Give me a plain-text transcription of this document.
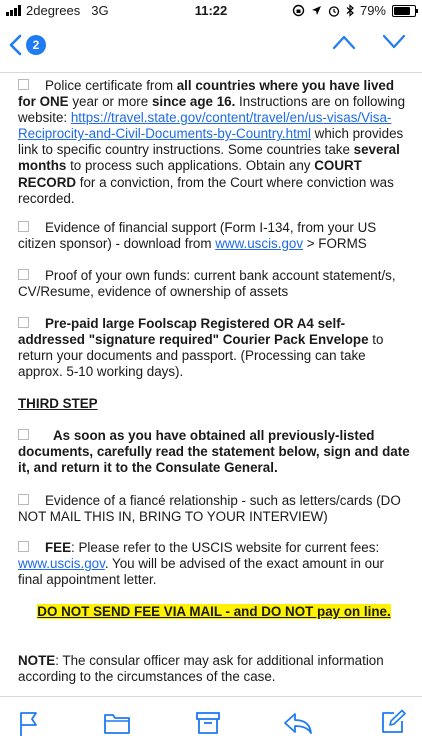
2degrees 3G	11:22	79%
2

Police certificate from all countries where you have lived for ONE year or more since age 16. Instructions are on following website: https://travel.state.gov/content/travel/en/us-visas/Visa-Reciprocity-and-Civil-Documents-by-Country.html which provides link to specific country instructions. Some countries take several months to process such applications. Obtain any COURT RECORD for a conviction, from the Court where conviction was recorded.

Evidence of financial support (Form I-134, from your US citizen sponsor) - download from www.uscis.gov > FORMS

Proof of your own funds: current bank account statement/s, CV/Resume, evidence of ownership of assets

Pre-paid large Foolscap Registered OR A4 self-addressed "signature required" Courier Pack Envelope to return your documents and passport. (Processing can take approx. 5-10 working days).

THIRD STEP

As soon as you have obtained all previously-listed documents, carefully read the statement below, sign and date it, and return it to the Consulate General.

Evidence of a fiancé relationship - such as letters/cards (DO NOT MAIL THIS IN, BRING TO YOUR INTERVIEW)

FEE: Please refer to the USCIS website for current fees: www.uscis.gov. You will be advised of the exact amount in our final appointment letter.

DO NOT SEND FEE VIA MAIL - and DO NOT pay on line.

NOTE: The consular officer may ask for additional information according to the circumstances of the case.
